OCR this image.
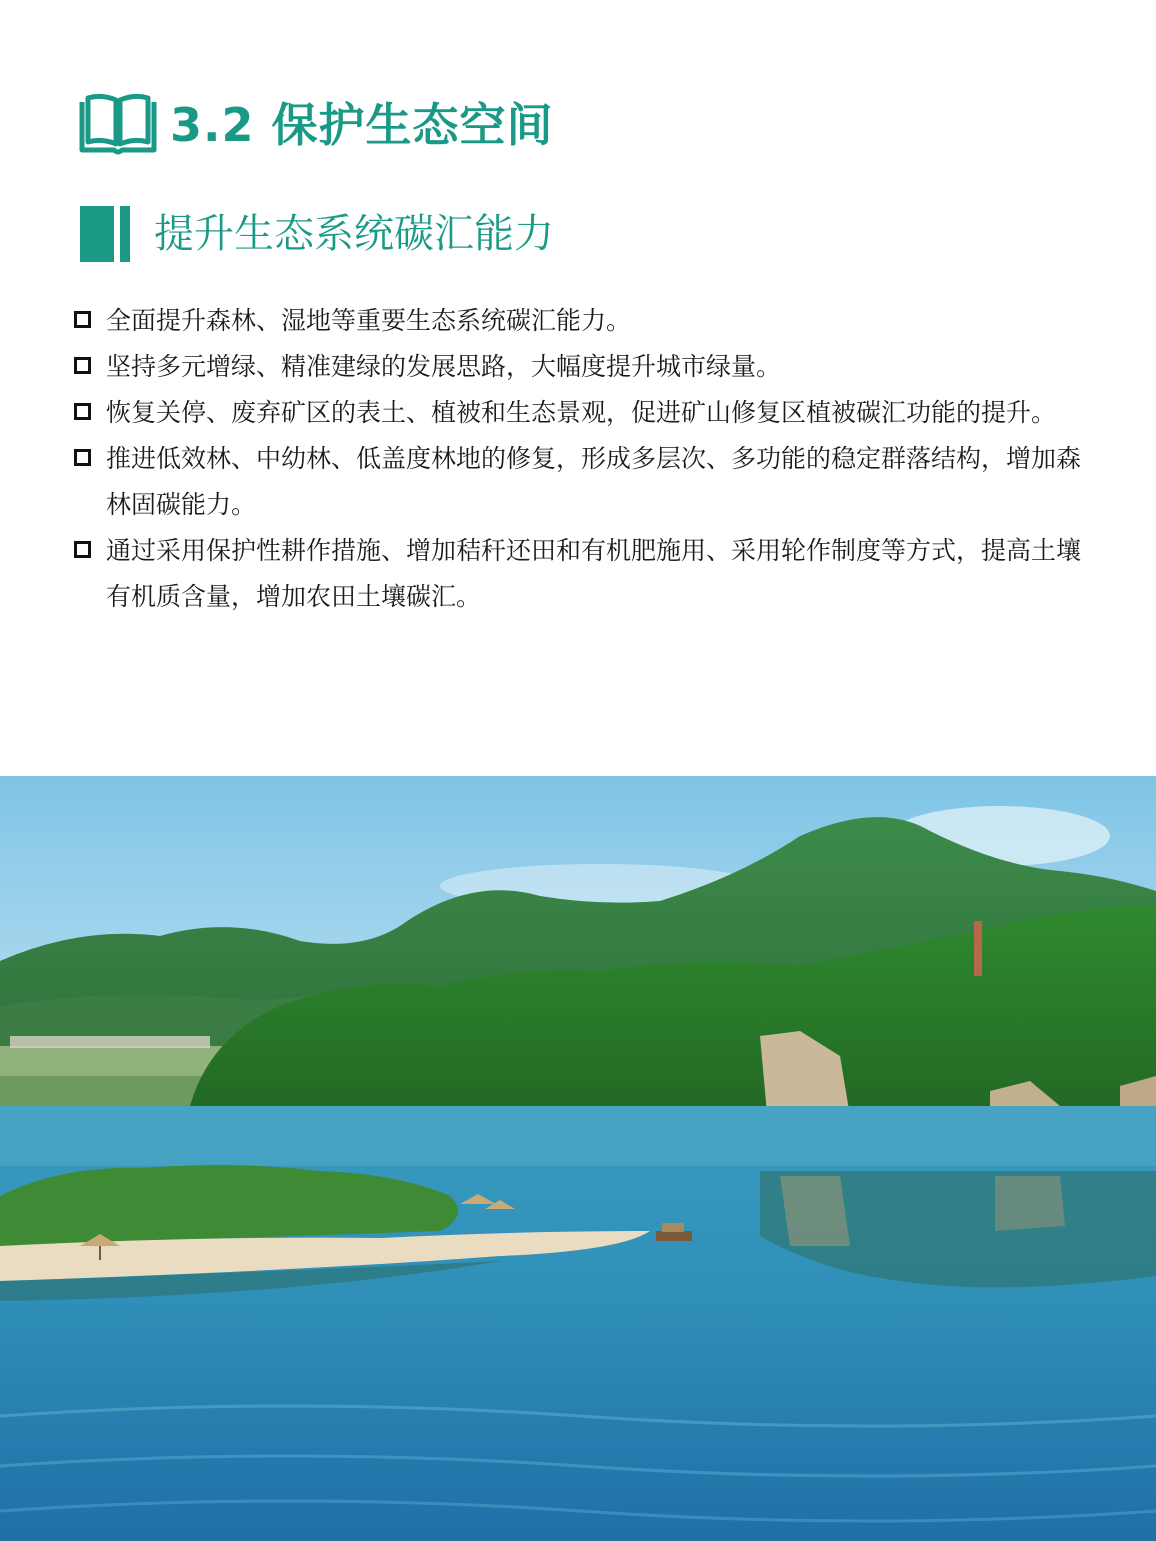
3.2 保护生态空间
提升生态系统碳汇能力
全面提升森林、湿地等重要生态系统碳汇能力。
坚持多元增绿、精准建绿的发展思路，大幅度提升城市绿量。
恢复关停、废弃矿区的表土、植被和生态景观，促进矿山修复区植被碳汇功能的提升。
推进低效林、中幼林、低盖度林地的修复，形成多层次、多功能的稳定群落结构，增加森林固碳能力。
通过采用保护性耕作措施、增加秸秆还田和有机肥施用、采用轮作制度等方式，提高土壤有机质含量，增加农田土壤碳汇。
